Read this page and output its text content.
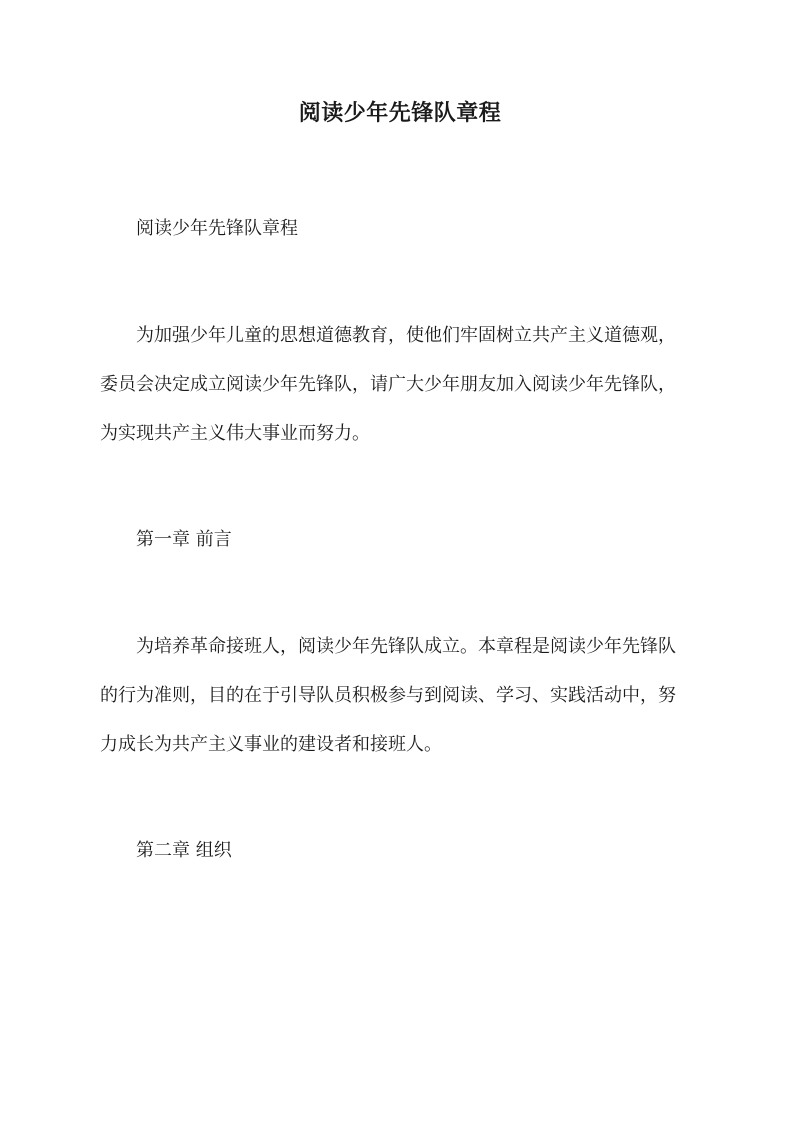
阅读少年先锋队章程
阅读少年先锋队章程
为加强少年儿童的思想道德教育，使他们牢固树立共产主义道德观，
委员会决定成立阅读少年先锋队，请广大少年朋友加入阅读少年先锋队，
为实现共产主义伟大事业而努力。
第一章 前言
为培养革命接班人，阅读少年先锋队成立。本章程是阅读少年先锋队
的行为准则，目的在于引导队员积极参与到阅读、学习、实践活动中，努
力成长为共产主义事业的建设者和接班人。
第二章 组织
